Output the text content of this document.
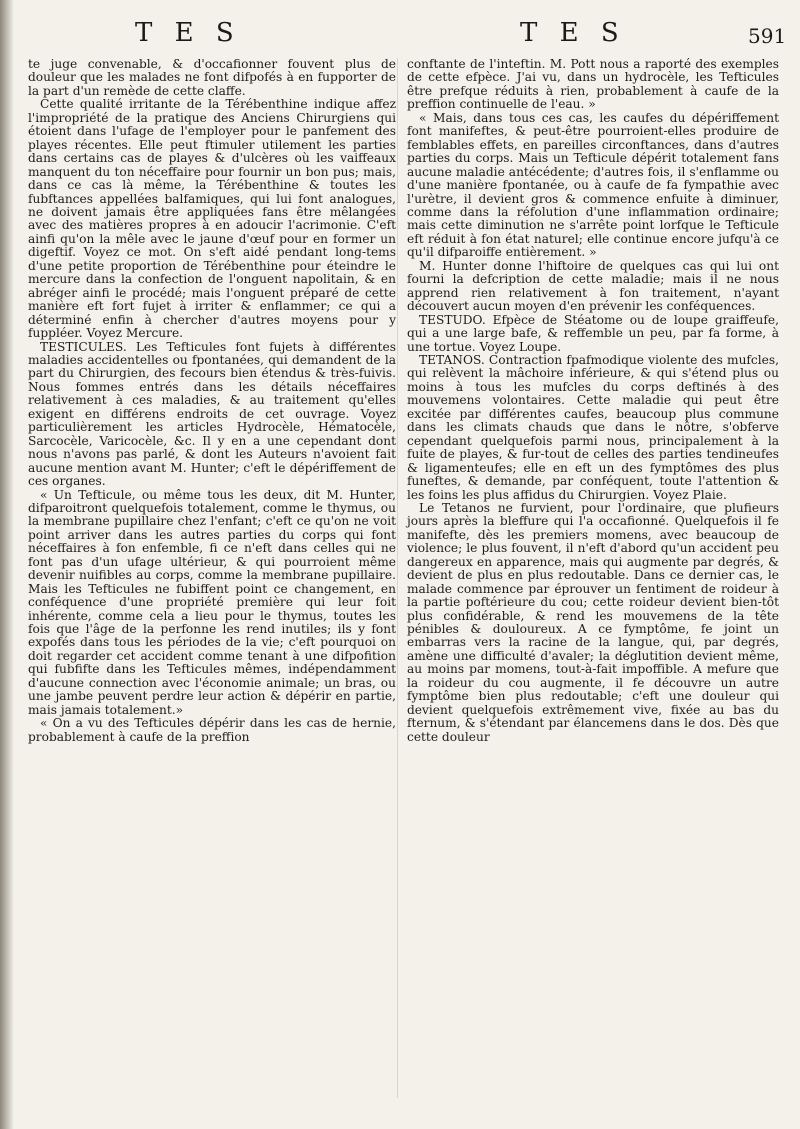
T E S	T E S	591

te juge convenable, & d'occafionner fouvent plus de douleur que les malades ne font difpofés à en fupporter de la part d'un remède de cette claffe.

Cette qualité irritante de la Térébenthine indique affez l'impropriété de la pratique des Anciens Chirurgiens qui étoient dans l'ufage de l'employer pour le panfement des playes récentes. Elle peut ftimuler utilement les parties dans certains cas de playes & d'ulcères où les vaiffeaux manquent du ton néceffaire pour fournir un bon pus; mais, dans ce cas là même, la Térébenthine & toutes les fubftances appellées balfamiques, qui lui font analogues, ne doivent jamais être appliquées fans être mêlangées avec des matières propres à en adoucir l'acrimonie. C'eft ainfi qu'on la mêle avec le jaune d'œuf pour en former un digeftif. Voyez ce mot. On s'eft aidé pendant long-tems d'une petite proportion de Térébenthine pour éteindre le mercure dans la confection de l'onguent napolitain, & en abréger ainfi le procédé; mais l'onguent préparé de cette manière eft fort fujet à irriter & enflammer; ce qui a déterminé enfin à chercher d'autres moyens pour y fuppléer. Voyez Mercure.

TESTICULES. Les Tefticules font fujets à différentes maladies accidentelles ou fpontanées, qui demandent de la part du Chirurgien, des fecours bien étendus & très-fuivis. Nous fommes entrés dans les détails néceffaires relativement à ces maladies, & au traitement qu'elles exigent en différens endroits de cet ouvrage. Voyez particulièrement les articles Hydrocèle, Hématocèle, Sarcocèle, Varicocèle, &c. Il y en a une cependant dont nous n'avons pas parlé, & dont les Auteurs n'avoient fait aucune mention avant M. Hunter; c'eft le dépériffement de ces organes.

« Un Tefticule, ou même tous les deux, dit M. Hunter, difparoitront quelquefois totalement, comme le thymus, ou la membrane pupillaire chez l'enfant; c'eft ce qu'on ne voit point arriver dans les autres parties du corps qui font néceffaires à fon enfemble, fi ce n'eft dans celles qui ne font pas d'un ufage ultérieur, & qui pourroient même devenir nuifibles au corps, comme la membrane pupillaire. Mais les Tefticules ne fubiffent point ce changement, en conféquence d'une propriété première qui leur foit inhérente, comme cela a lieu pour le thymus, toutes les fois que l'âge de la perfonne les rend inutiles; ils y font expofés dans tous les périodes de la vie; c'eft pourquoi on doit regarder cet accident comme tenant à une difpofition qui fubfifte dans les Tefticules mêmes, indépendamment d'aucune connection avec l'économie animale; un bras, ou une jambe peuvent perdre leur action & dépérir en partie, mais jamais totalement.»

« On a vu des Tefticules dépérir dans les cas de hernie, probablement à caufe de la preffion

conftante de l'inteftin. M. Pott nous a raporté des exemples de cette efpèce. J'ai vu, dans un hydrocèle, les Tefticules être prefque réduits à rien, probablement à caufe de la preffion continuelle de l'eau. »

« Mais, dans tous ces cas, les caufes du dépériffement font manifeftes, & peut-être pourroient-elles produire de femblables effets, en pareilles circonftances, dans d'autres parties du corps. Mais un Tefticule dépérit totalement fans aucune maladie antécédente; d'autres fois, il s'enflamme ou d'une manière fpontanée, ou à caufe de fa fympathie avec l'urètre, il devient gros & commence enfuite à diminuer, comme dans la réfolution d'une inflammation ordinaire; mais cette diminution ne s'arrête point lorfque le Tefticule eft réduit à fon état naturel; elle continue encore jufqu'à ce qu'il difparoiffe entièrement. »

M. Hunter donne l'hiftoire de quelques cas qui lui ont fourni la defcription de cette maladie; mais il ne nous apprend rien relativement à fon traitement, n'ayant découvert aucun moyen d'en prévenir les conféquences.

TESTUDO. Efpèce de Stéatome ou de loupe graiffeufe, qui a une large bafe, & reffemble un peu, par fa forme, à une tortue. Voyez Loupe.

TETANOS. Contraction fpafmodique violente des mufcles, qui relèvent la mâchoire inférieure, & qui s'étend plus ou moins à tous les mufcles du corps deftinés à des mouvemens volontaires. Cette maladie qui peut être excitée par différentes caufes, beaucoup plus commune dans les climats chauds que dans le nôtre, s'obferve cependant quelquefois parmi nous, principalement à la fuite de playes, & fur-tout de celles des parties tendineufes & ligamenteufes; elle en eft un des fymptômes des plus funeftes, & demande, par conféquent, toute l'attention & les foins les plus affidus du Chirurgien. Voyez Plaie.

Le Tetanos ne furvient, pour l'ordinaire, que plufieurs jours après la bleffure qui l'a occafionné. Quelquefois il fe manifefte, dès les premiers momens, avec beaucoup de violence; le plus fouvent, il n'eft d'abord qu'un accident peu dangereux en apparence, mais qui augmente par degrés, & devient de plus en plus redoutable. Dans ce dernier cas, le malade commence par éprouver un fentiment de roideur à la partie poftérieure du cou; cette roideur devient bien-tôt plus confidérable, & rend les mouvemens de la tête pénibles & douloureux. A ce fymptôme, fe joint un embarras vers la racine de la langue, qui, par degrés, amène une difficulté d'avaler; la déglutition devient même, au moins par momens, tout-à-fait impoffible. A mefure que la roideur du cou augmente, il fe découvre un autre fymptôme bien plus redoutable; c'eft une douleur qui devient quelquefois extrêmement vive, fixée au bas du fternum, & s'étendant par élancemens dans le dos. Dès que cette douleur
